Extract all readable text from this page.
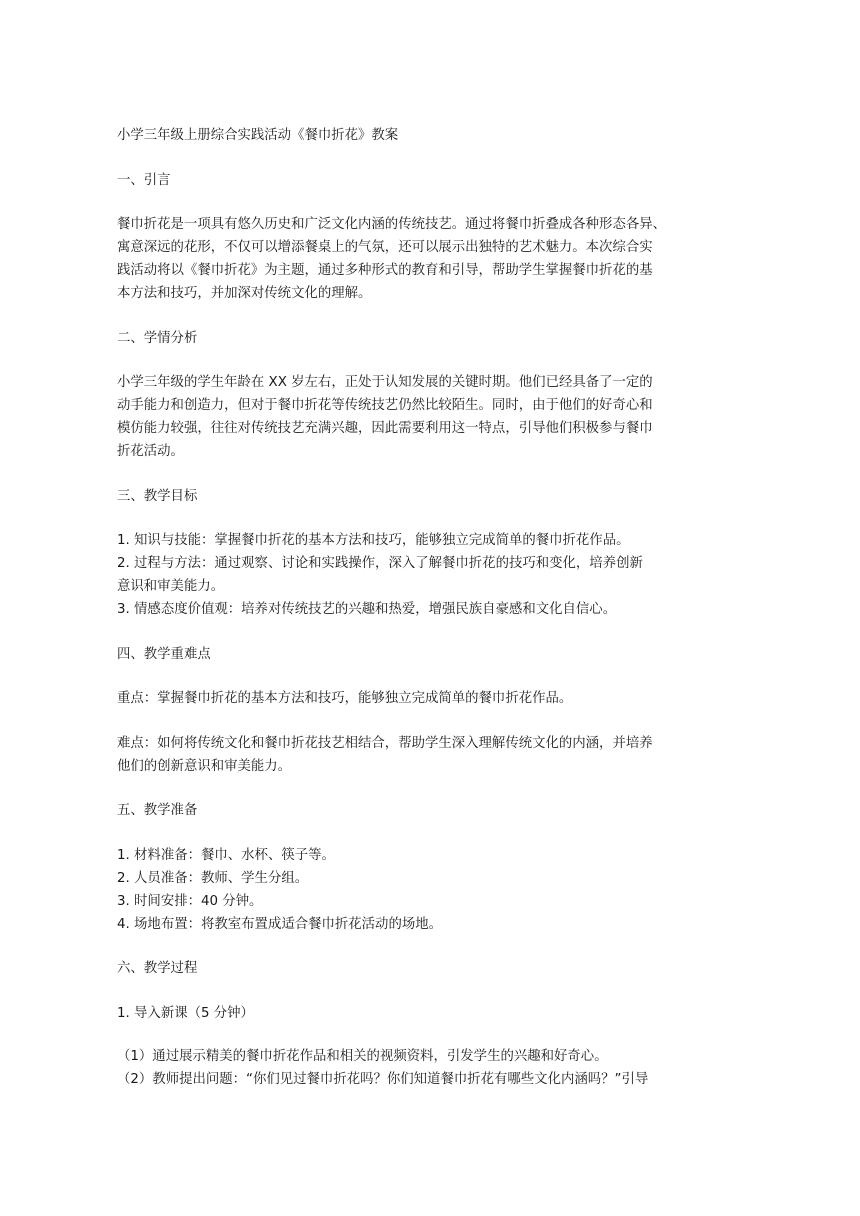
小学三年级上册综合实践活动《餐巾折花》教案
一、引言
餐巾折花是一项具有悠久历史和广泛文化内涵的传统技艺。通过将餐巾折叠成各种形态各异、
寓意深远的花形，不仅可以增添餐桌上的气氛，还可以展示出独特的艺术魅力。本次综合实
践活动将以《餐巾折花》为主题，通过多种形式的教育和引导，帮助学生掌握餐巾折花的基
本方法和技巧，并加深对传统文化的理解。
二、学情分析
小学三年级的学生年龄在 XX 岁左右，正处于认知发展的关键时期。他们已经具备了一定的
动手能力和创造力，但对于餐巾折花等传统技艺仍然比较陌生。同时，由于他们的好奇心和
模仿能力较强，往往对传统技艺充满兴趣，因此需要利用这一特点，引导他们积极参与餐巾
折花活动。
三、教学目标
1. 知识与技能：掌握餐巾折花的基本方法和技巧，能够独立完成简单的餐巾折花作品。
2. 过程与方法：通过观察、讨论和实践操作，深入了解餐巾折花的技巧和变化，培养创新
意识和审美能力。
3. 情感态度价值观：培养对传统技艺的兴趣和热爱，增强民族自豪感和文化自信心。
四、教学重难点
重点：掌握餐巾折花的基本方法和技巧，能够独立完成简单的餐巾折花作品。
难点：如何将传统文化和餐巾折花技艺相结合，帮助学生深入理解传统文化的内涵，并培养
他们的创新意识和审美能力。
五、教学准备
1. 材料准备：餐巾、水杯、筷子等。
2. 人员准备：教师、学生分组。
3. 时间安排：40 分钟。
4. 场地布置：将教室布置成适合餐巾折花活动的场地。
六、教学过程
1. 导入新课（5 分钟）
（1）通过展示精美的餐巾折花作品和相关的视频资料，引发学生的兴趣和好奇心。
（2）教师提出问题：“你们见过餐巾折花吗？你们知道餐巾折花有哪些文化内涵吗？”引导
